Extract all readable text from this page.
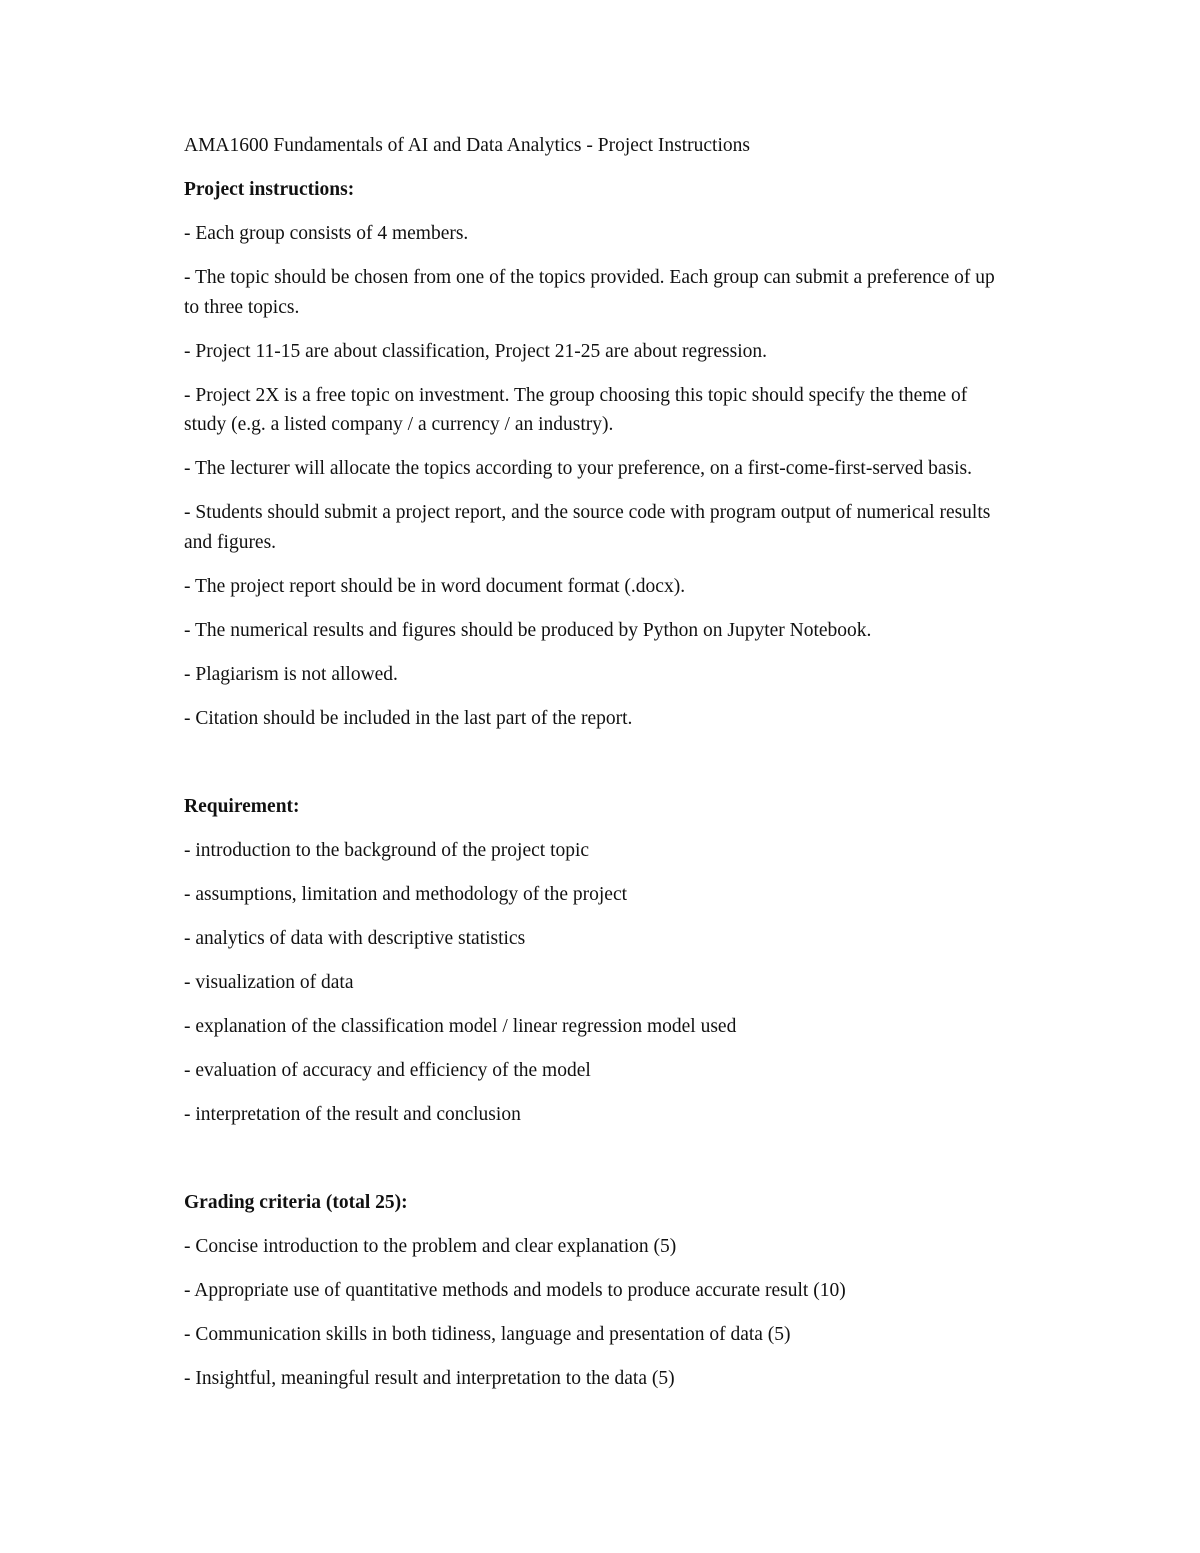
AMA1600 Fundamentals of AI and Data Analytics - Project Instructions

Project instructions:

- Each group consists of 4 members.
- The topic should be chosen from one of the topics provided. Each group can submit a preference of up to three topics.
- Project 11-15 are about classification, Project 21-25 are about regression.
- Project 2X is a free topic on investment. The group choosing this topic should specify the theme of study (e.g. a listed company / a currency / an industry).
- The lecturer will allocate the topics according to your preference, on a first-come-first-served basis.
- Students should submit a project report, and the source code with program output of numerical results and figures.
- The project report should be in word document format (.docx).
- The numerical results and figures should be produced by Python on Jupyter Notebook.
- Plagiarism is not allowed.
- Citation should be included in the last part of the report.

Requirement:

- introduction to the background of the project topic
- assumptions, limitation and methodology of the project
- analytics of data with descriptive statistics
- visualization of data
- explanation of the classification model / linear regression model used
- evaluation of accuracy and efficiency of the model
- interpretation of the result and conclusion

Grading criteria (total 25):

- Concise introduction to the problem and clear explanation (5)
- Appropriate use of quantitative methods and models to produce accurate result (10)
- Communication skills in both tidiness, language and presentation of data (5)
- Insightful, meaningful result and interpretation to the data (5)
